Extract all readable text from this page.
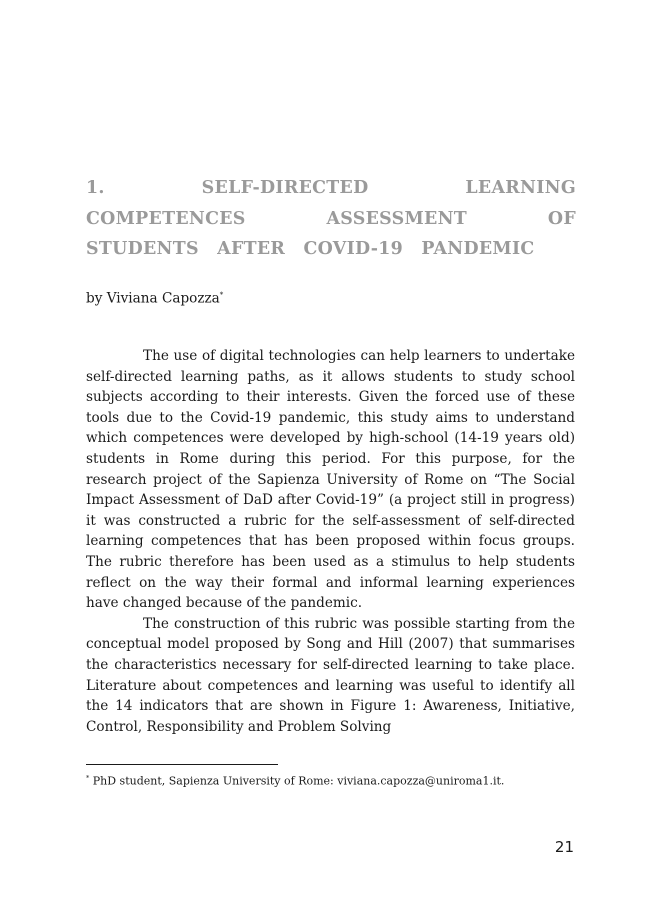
1. SELF-DIRECTED LEARNING COMPETENCES ASSESSMENT OF STUDENTS AFTER COVID-19 PANDEMIC
by Viviana Capozza*

The use of digital technologies can help learners to undertake self-directed learning paths, as it allows students to study school subjects according to their interests. Given the forced use of these tools due to the Covid-19 pandemic, this study aims to understand which competences were developed by high-school (14-19 years old) students in Rome during this period. For this purpose, for the research project of the Sapienza University of Rome on “The Social Impact Assessment of DaD after Covid-19” (a project still in progress) it was constructed a rubric for the self-assessment of self-directed learning competences that has been proposed within focus groups. The rubric therefore has been used as a stimulus to help students reflect on the way their formal and informal learning experiences have changed because of the pandemic.

The construction of this rubric was possible starting from the conceptual model proposed by Song and Hill (2007) that summarises the characteristics necessary for self-directed learning to take place. Literature about competences and learning was useful to identify all the 14 indicators that are shown in Figure 1: Awareness, Initiative, Control, Responsibility and Problem Solving

* PhD student, Sapienza University of Rome: viviana.capozza@uniroma1.it.
21
